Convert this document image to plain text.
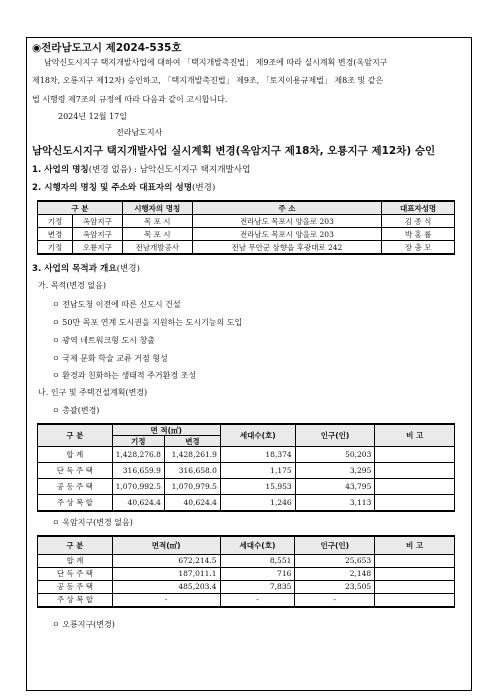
◉전라남도고시 제2024-535호
남악신도시지구 택지개발사업에 대하여 「택지개발촉진법」 제9조에 따라 실시계획 변경(옥암지구
제18차, 오룡지구 제12차) 승인하고, 「택지개발촉진법」 제9조, 「토지이용규제법」 제8조 및 같은
법 시행령 제7조의 규정에 따라 다음과 같이 고시합니다.
2024년 12월 17일
전라남도지사
남악신도시지구 택지개발사업 실시계획 변경(옥암지구 제18차, 오룡지구 제12차) 승인
1. 사업의 명칭(변경 없음) : 남악신도시지구 택지개발사업
2. 시행자의 명칭 및 주소와 대표자의 성명(변경)
구 분		시행자의 명칭	주 소	대표자성명
기정	옥암지구	목 포 시	전라남도 목포시 양을로 203	김 종 식
변경	옥암지구	목 포 시	전라남도 목포시 양을로 203	박 홍 률
기정	오룡지구	전남개발공사	전남 무안군 삼향읍 후광대로 242	장 충 모
3. 사업의 목적과 개요(변경)
가. 목적(변경 없음)
ㅇ 전남도청 이전에 따른 신도시 건설
ㅇ 50만 목포 연계 도시권을 지원하는 도시기능의 도입
ㅇ 광역 네트워크형 도시 창출
ㅇ 국제 문화 학술 교류 거점 형성
ㅇ 환경과 친화하는 생태적 주거환경 조성
나. 인구 및 주택건설계획(변경)
ㅇ 총괄(변경)
구 분	면 적(㎡)		세대수(호)	인구(인)	비 고
	기정	변경			
합 계	1,428,276.8	1,428,261.9	18,374	50,203	
단 독 주 택	316,659.9	316,658.0	1,175	3,295	
공 동 주 택	1,070,992.5	1,070,979.5	15,953	43,795	
주 상 복 합	40,624.4	40,624.4	1,246	3,113	
ㅇ 옥암지구(변경 없음)
구 분	면적(㎡)	세대수(호)	인구(인)	비 고
합 계	672,214.5	8,551	25,653	
단 독 주 택	187,011.1	716	2,148	
공 동 주 택	485,203.4	7,835	23,505	
주 상 복 합	-	-	-	
ㅇ 오룡지구(변경)
